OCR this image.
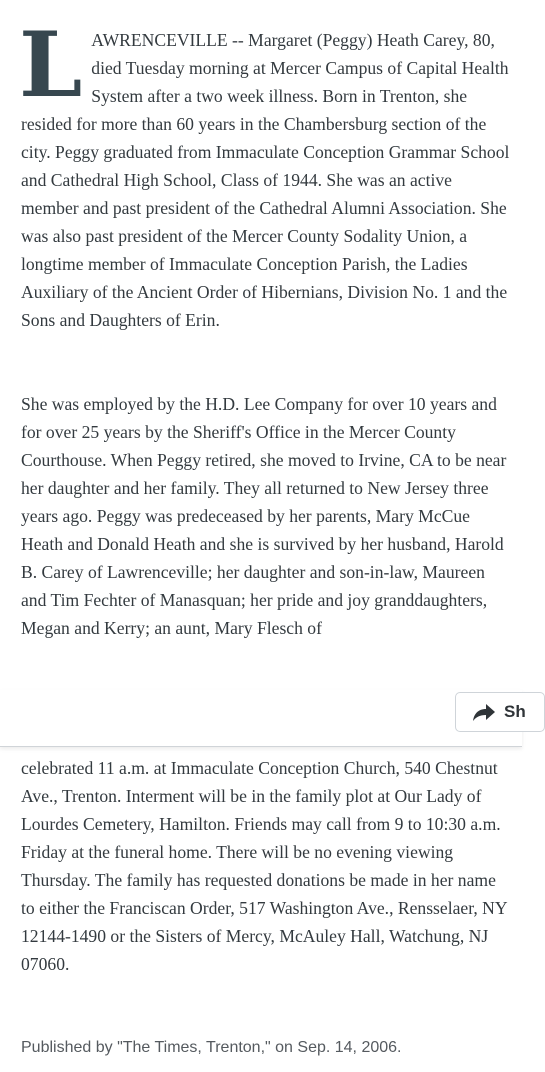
L AWRENCEVILLE -- Margaret (Peggy) Heath Carey, 80, died Tuesday morning at Mercer Campus of Capital Health System after a two week illness. Born in Trenton, she resided for more than 60 years in the Chambersburg section of the city. Peggy graduated from Immaculate Conception Grammar School and Cathedral High School, Class of 1944. She was an active member and past president of the Cathedral Alumni Association. She was also past president of the Mercer County Sodality Union, a longtime member of Immaculate Conception Parish, the Ladies Auxiliary of the Ancient Order of Hibernians, Division No. 1 and the Sons and Daughters of Erin.

She was employed by the H.D. Lee Company for over 10 years and for over 25 years by the Sheriff's Office in the Mercer County Courthouse. When Peggy retired, she moved to Irvine, CA to be near her daughter and her family. They all returned to New Jersey three years ago. Peggy was predeceased by her parents, Mary McCue Heath and Donald Heath and she is survived by her husband, Harold B. Carey of Lawrenceville; her daughter and son-in-law, Maureen and Tim Fechter of Manasquan; her pride and joy granddaughters, Megan and Kerry; an aunt, Mary Flesch of

Sh

celebrated 11 a.m. at Immaculate Conception Church, 540 Chestnut Ave., Trenton. Interment will be in the family plot at Our Lady of Lourdes Cemetery, Hamilton. Friends may call from 9 to 10:30 a.m. Friday at the funeral home. There will be no evening viewing Thursday. The family has requested donations be made in her name to either the Franciscan Order, 517 Washington Ave., Rensselaer, NY 12144-1490 or the Sisters of Mercy, McAuley Hall, Watchung, NJ 07060.

Published by "The Times, Trenton," on Sep. 14, 2006.
